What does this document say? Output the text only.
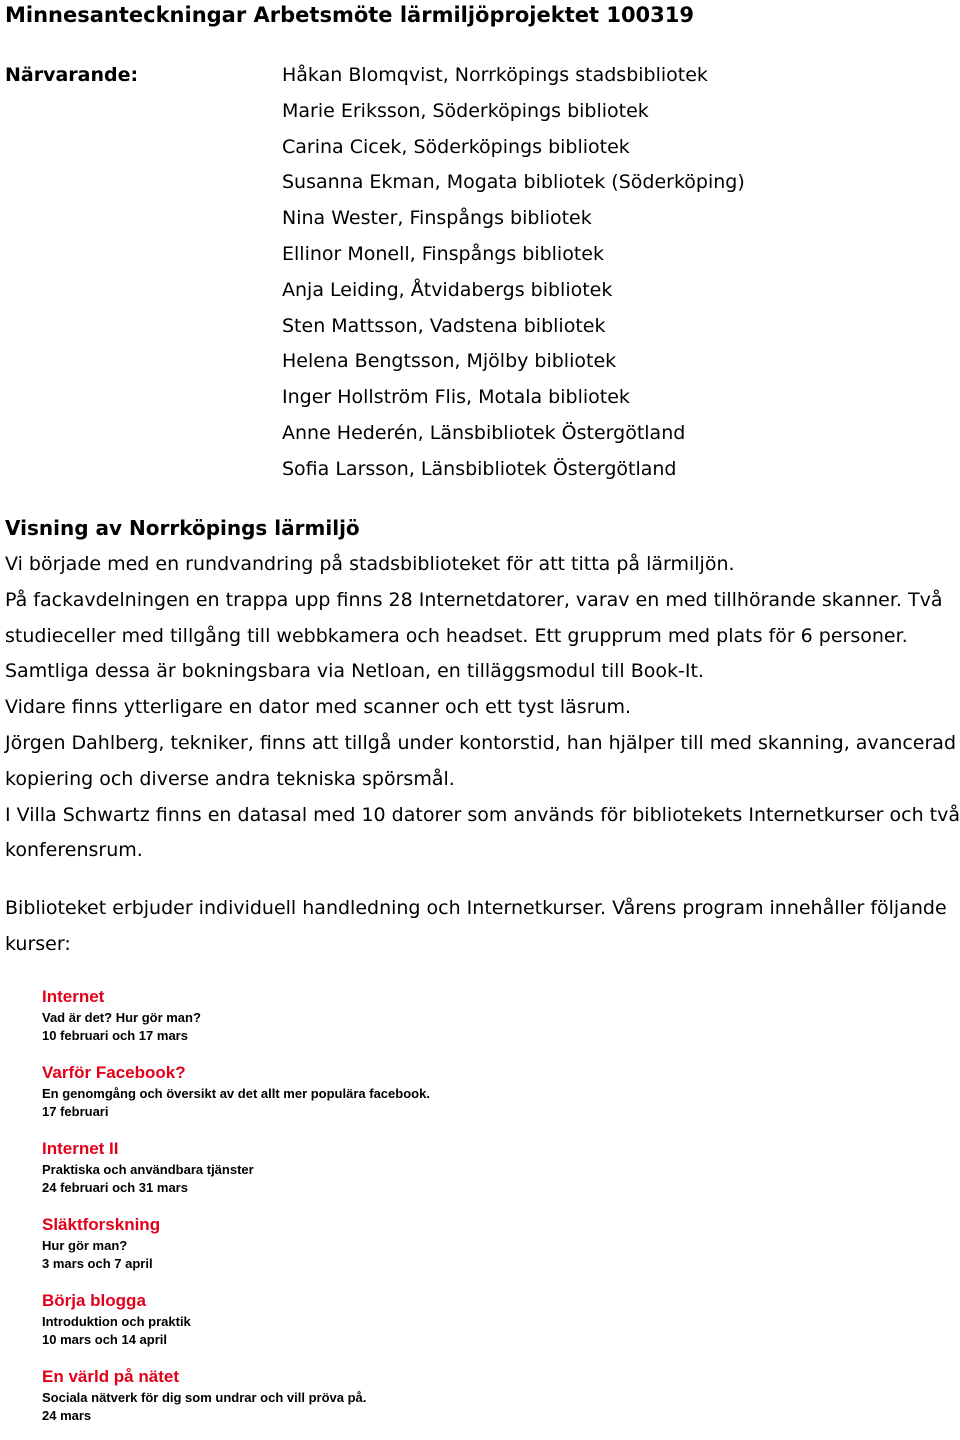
Minnesanteckningar Arbetsmöte lärmiljöprojektet 100319
Närvarande:	Håkan Blomqvist, Norrköpings stadsbibliotek
Marie Eriksson, Söderköpings bibliotek
Carina Cicek, Söderköpings bibliotek
Susanna Ekman, Mogata bibliotek (Söderköping)
Nina Wester, Finspångs bibliotek
Ellinor Monell, Finspångs bibliotek
Anja Leiding, Åtvidabergs bibliotek
Sten Mattsson, Vadstena bibliotek
Helena Bengtsson, Mjölby bibliotek
Inger Hollström Flis, Motala bibliotek
Anne Hederén, Länsbibliotek Östergötland
Sofia Larsson, Länsbibliotek Östergötland
Visning av Norrköpings lärmiljö

Vi började med en rundvandring på stadsbiblioteket för att titta på lärmiljön.

På fackavdelningen en trappa upp finns 28 Internetdatorer, varav en med tillhörande skanner. Två studieceller med tillgång till webbkamera och headset. Ett grupprum med plats för 6 personer. Samtliga dessa är bokningsbara via Netloan, en tilläggsmodul till Book-It.

Vidare finns ytterligare en dator med scanner och ett tyst läsrum.

Jörgen Dahlberg, tekniker, finns att tillgå under kontorstid, han hjälper till med skanning, avancerad kopiering och diverse andra tekniska spörsmål.

I Villa Schwartz finns en datasal med 10 datorer som används för bibliotekets Internetkurser och två konferensrum.

Biblioteket erbjuder individuell handledning och Internetkurser. Vårens program innehåller följande kurser:

Internet
Vad är det? Hur gör man?
10 februari och 17 mars
Varför Facebook?
En genomgång och översikt av det allt mer populära facebook.
17 februari
Internet II
Praktiska och användbara tjänster
24 februari och 31 mars
Släktforskning
Hur gör man?
3 mars och 7 april
Börja blogga
Introduktion och praktik
10 mars och 14 april
En värld på nätet
Sociala nätverk för dig som undrar och vill pröva på.
24 mars
